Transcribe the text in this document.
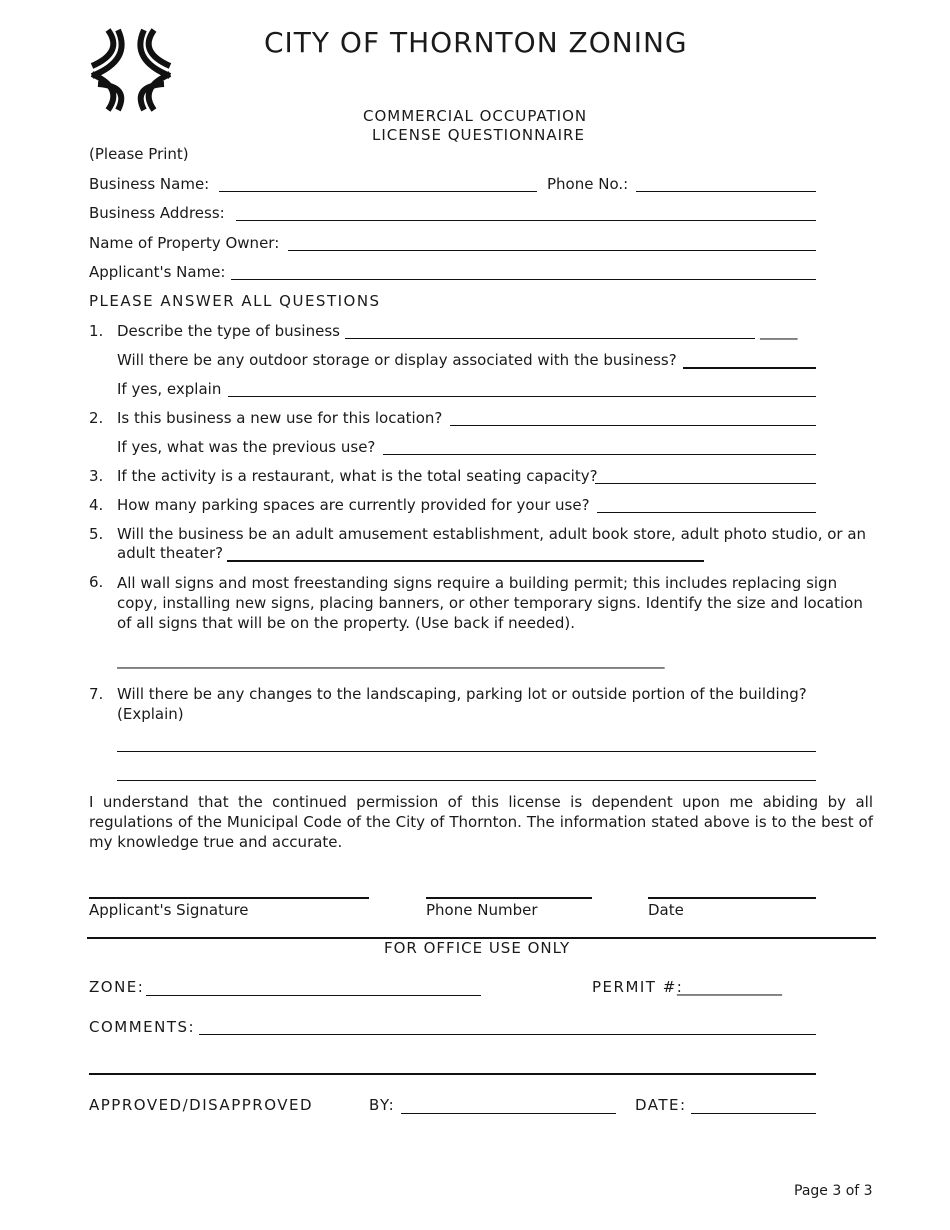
CITY OF THORNTON ZONING
COMMERCIAL OCCUPATION
LICENSE QUESTIONNAIRE
(Please Print)
Business Name:	Phone No.:
Business Address:
Name of Property Owner:
Applicant's Name:
PLEASE ANSWER ALL QUESTIONS
1. Describe the type of business	_____
Will there be any outdoor storage or display associated with the business?
If yes, explain
2. Is this business a new use for this location?
If yes, what was the previous use?
3. If the activity is a restaurant, what is the total seating capacity?
4. How many parking spaces are currently provided for your use?
5. Will the business be an adult amusement establishment, adult book store, adult photo studio, or an
adult theater?
6. All wall signs and most freestanding signs require a building permit; this includes replacing sign copy, installing new signs, placing banners, or other temporary signs. Identify the size and location of all signs that will be on the property. (Use back if needed).
_________________________________________________________________________
7. Will there be any changes to the landscaping, parking lot or outside portion of the building?
(Explain)
I understand that the continued permission of this license is dependent upon me abiding by all regulations of the Municipal Code of the City of Thornton. The information stated above is to the best of my knowledge true and accurate.
Applicant's Signature	Phone Number	Date
FOR OFFICE USE ONLY
ZONE:	PERMIT #:
______________
COMMENTS:
APPROVED/DISAPPROVED	BY:	DATE:
Page 3 of 3
